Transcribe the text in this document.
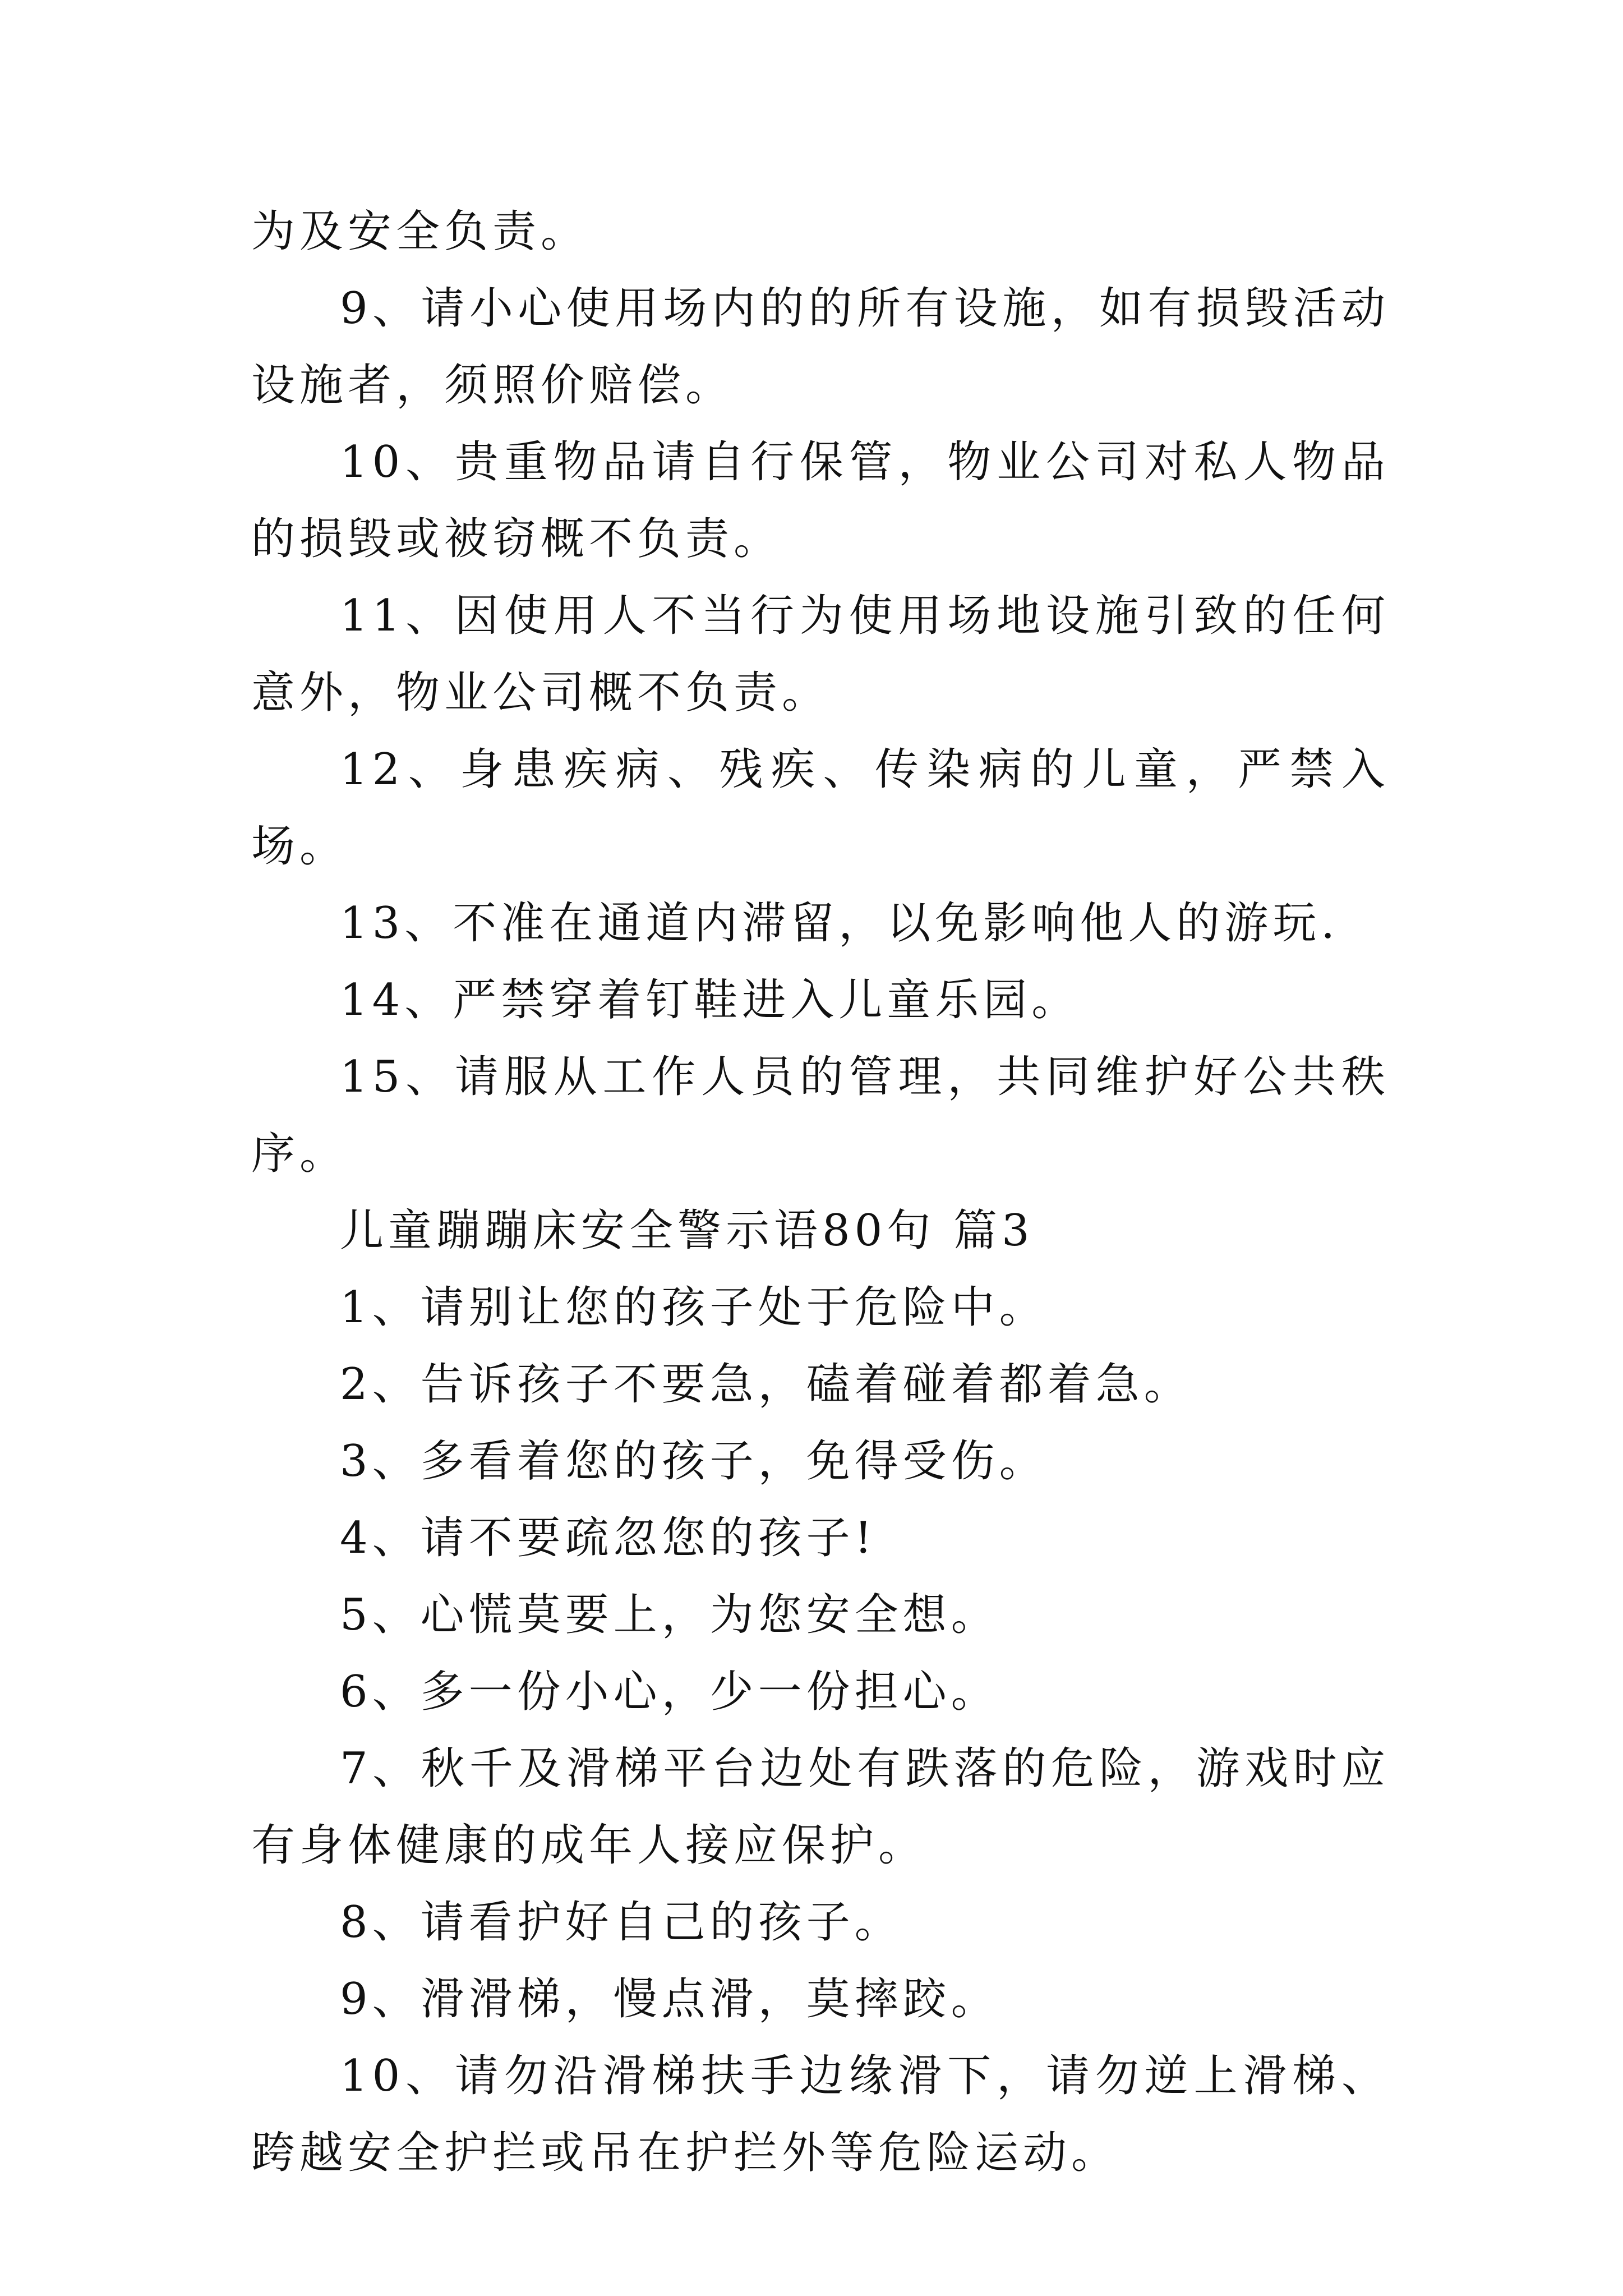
为及安全负责。

9、请小心使用场内的的所有设施，如有损毁活动设施者，须照价赔偿。

10、贵重物品请自行保管，物业公司对私人物品的损毁或被窃概不负责。

11、因使用人不当行为使用场地设施引致的任何意外，物业公司概不负责。

12、身患疾病、残疾、传染病的儿童，严禁入场。

13、不准在通道内滞留，以免影响他人的游玩.

14、严禁穿着钉鞋进入儿童乐园。

15、请服从工作人员的管理，共同维护好公共秩序。

儿童蹦蹦床安全警示语80句 篇3

1、请别让您的孩子处于危险中。

2、告诉孩子不要急，磕着碰着都着急。

3、多看着您的孩子，免得受伤。

4、请不要疏忽您的孩子!

5、心慌莫要上，为您安全想。

6、多一份小心，少一份担心。

7、秋千及滑梯平台边处有跌落的危险，游戏时应有身体健康的成年人接应保护。

8、请看护好自己的孩子。

9、滑滑梯，慢点滑，莫摔跤。

10、请勿沿滑梯扶手边缘滑下，请勿逆上滑梯、跨越安全护拦或吊在护拦外等危险运动。
